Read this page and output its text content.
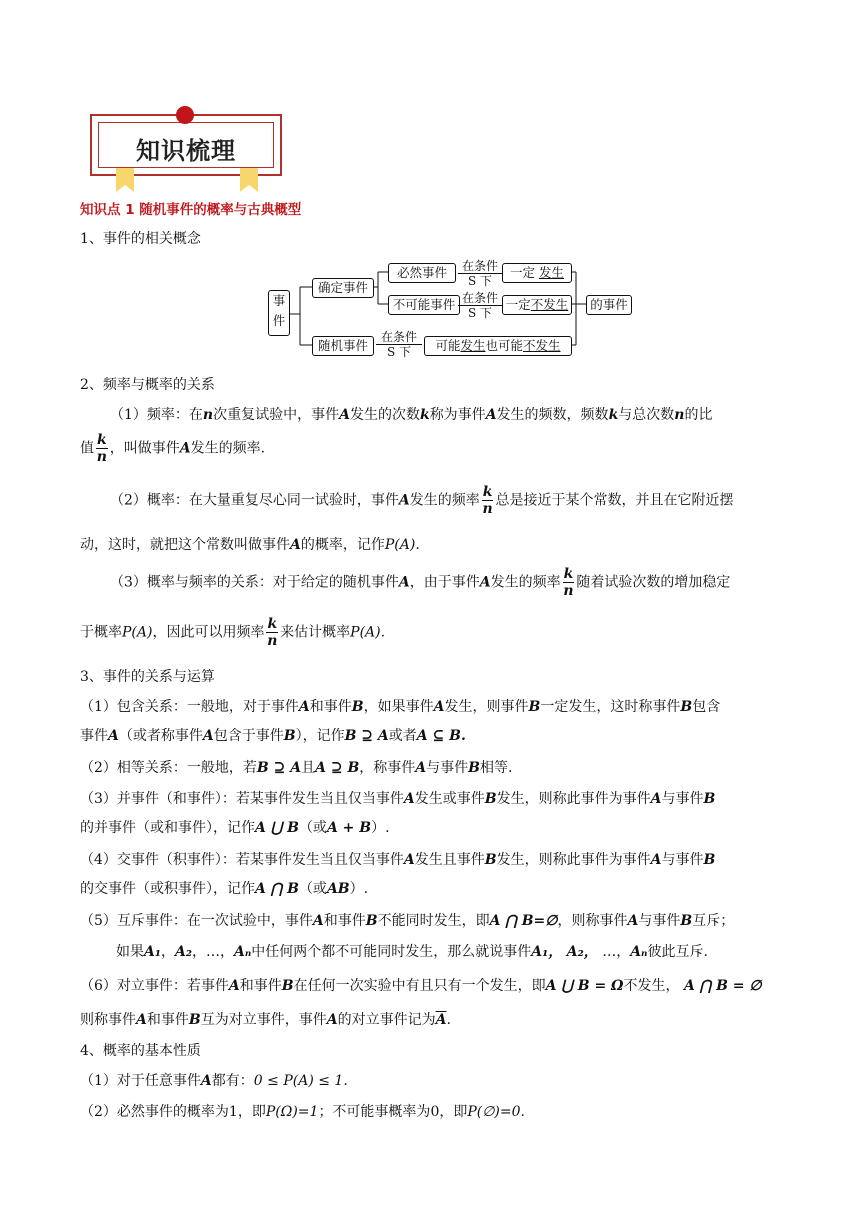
知识梳理
知识点 1 随机事件的概率与古典概型
1、事件的相关概念
事件
确定事件
随机事件
必然事件
不可能事件
在条件
S 下
在条件
S 下
在条件
S 下
一定 发生
一定不发生
可能发生也可能不发生
的事件
2、频率与概率的关系
（1）频率：在n次重复试验中，事件A发生的次数k称为事件A发生的频数，频数k与总次数n的比
值 $\frac{k}{n}$ ，叫做事件A发生的频率.
（2）概率：在大量重复尽心同一试验时，事件A发生的频率 $\frac{k}{n}$ 总是接近于某个常数，并且在它附近摆
动，这时，就把这个常数叫做事件A的概率，记作P(A).
（3）概率与频率的关系：对于给定的随机事件A，由于事件A发生的频率 $\frac{k}{n}$ 随着试验次数的增加稳定
于概率P(A)，因此可以用频率 $\frac{k}{n}$ 来估计概率P(A).
3、事件的关系与运算
（1）包含关系：一般地，对于事件A和事件B，如果事件A发生，则事件B一定发生，这时称事件B包含
事件A（或者称事件A包含于事件B），记作B ⊇ A或者A ⊆ B.
（2）相等关系：一般地，若B ⊇ A且A ⊇ B，称事件A与事件B相等.
（3）并事件（和事件）：若某事件发生当且仅当事件A发生或事件B发生，则称此事件为事件A与事件B
的并事件（或和事件），记作A ⋃ B（或A + B）.
（4）交事件（积事件）：若某事件发生当且仅当事件A发生且事件B发生，则称此事件为事件A与事件B
的交事件（或积事件），记作A ⋂ B（或AB）.
（5）互斥事件：在一次试验中，事件A和事件B不能同时发生，即A ⋂ B=∅，则称事件A与事件B互斥；
如果A₁，A₂，…，Aₙ中任何两个都不可能同时发生，那么就说事件A₁， A₂， …，Aₙ彼此互斥.
（6）对立事件：若事件A和事件B在任何一次实验中有且只有一个发生，即A ⋃ B = Ω不发生， A ⋂ B = ∅
则称事件A和事件B互为对立事件，事件A的对立事件记为$\overline{A}$.
4、概率的基本性质
（1）对于任意事件A都有：0 ≤ P(A) ≤ 1.
（2）必然事件的概率为1，即P(Ω)=1；不可能事概率为0，即P(∅)=0.
